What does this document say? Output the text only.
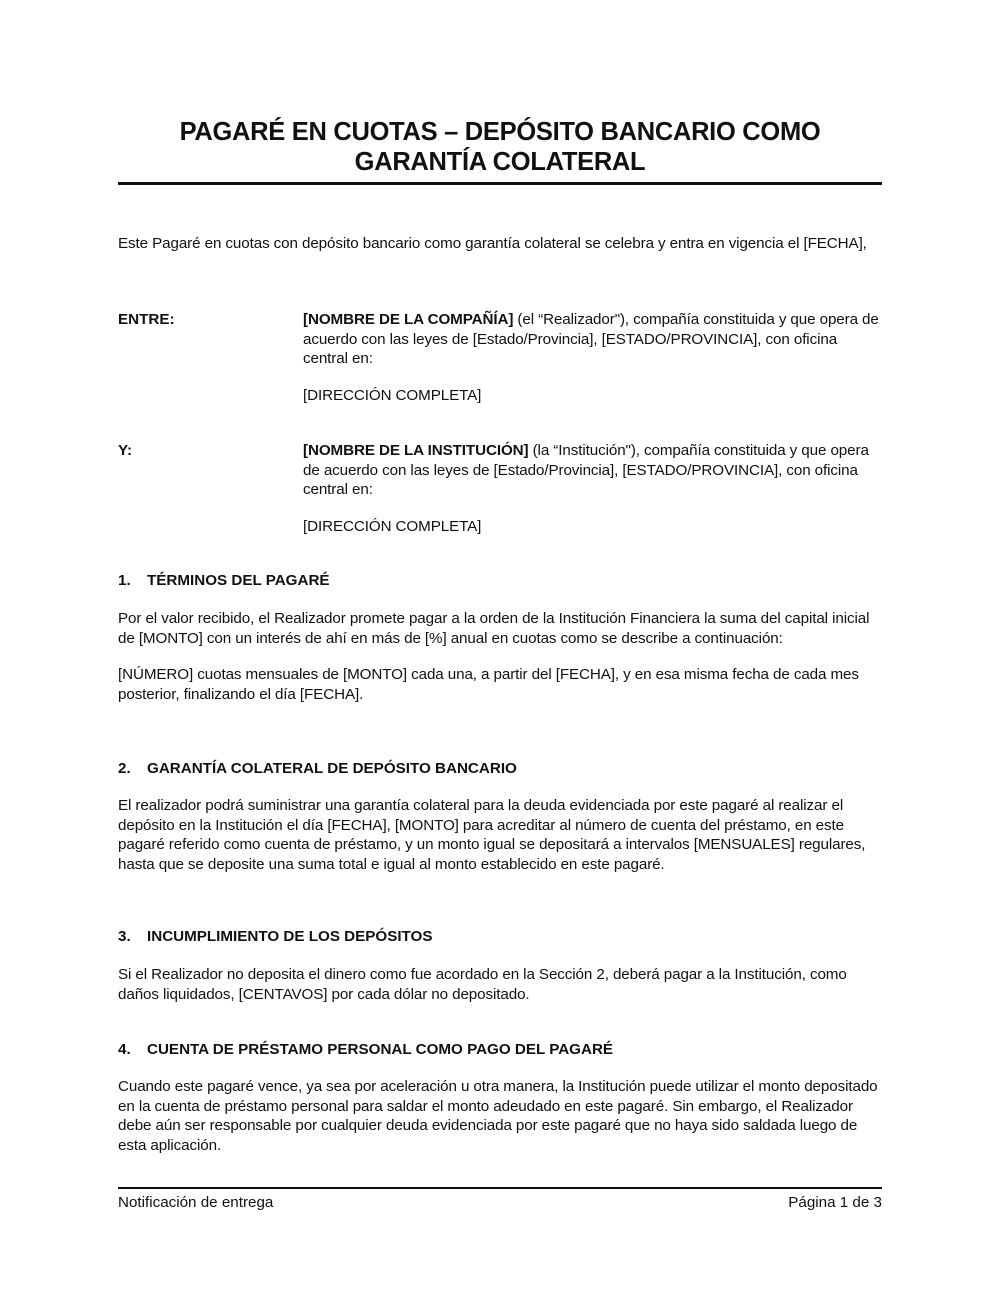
PAGARÉ EN CUOTAS – DEPÓSITO BANCARIO COMO
GARANTÍA COLATERAL
Este Pagaré en cuotas con depósito bancario como garantía colateral se celebra y entra en vigencia el [FECHA],
ENTRE:	[NOMBRE DE LA COMPAÑÍA] (el “Realizador"), compañía constituida y que opera de acuerdo con las leyes de [Estado/Provincia], [ESTADO/PROVINCIA], con oficina central en:
[DIRECCIÓN COMPLETA]
Y:	[NOMBRE DE LA INSTITUCIÓN] (la “Institución"), compañía constituida y que opera de acuerdo con las leyes de [Estado/Provincia], [ESTADO/PROVINCIA], con oficina central en:
[DIRECCIÓN COMPLETA]
1. TÉRMINOS DEL PAGARÉ

Por el valor recibido, el Realizador promete pagar a la orden de la Institución Financiera la suma del capital inicial de [MONTO] con un interés de ahí en más de [%] anual en cuotas como se describe a continuación:

[NÚMERO] cuotas mensuales de [MONTO] cada una, a partir del [FECHA], y en esa misma fecha de cada mes posterior, finalizando el día [FECHA].

2. GARANTÍA COLATERAL DE DEPÓSITO BANCARIO

El realizador podrá suministrar una garantía colateral para la deuda evidenciada por este pagaré al realizar el depósito en la Institución el día [FECHA], [MONTO] para acreditar al número de cuenta del préstamo, en este pagaré referido como cuenta de préstamo, y un monto igual se depositará a intervalos [MENSUALES] regulares, hasta que se deposite una suma total e igual al monto establecido en este pagaré.

3. INCUMPLIMIENTO DE LOS DEPÓSITOS

Si el Realizador no deposita el dinero como fue acordado en la Sección 2, deberá pagar a la Institución, como daños liquidados, [CENTAVOS] por cada dólar no depositado.

4. CUENTA DE PRÉSTAMO PERSONAL COMO PAGO DEL PAGARÉ

Cuando este pagaré vence, ya sea por aceleración u otra manera, la Institución puede utilizar el monto depositado en la cuenta de préstamo personal para saldar el monto adeudado en este pagaré. Sin embargo, el Realizador debe aún ser responsable por cualquier deuda evidenciada por este pagaré que no haya sido saldada luego de esta aplicación.

Notificación de entrega	Página 1 de 3
